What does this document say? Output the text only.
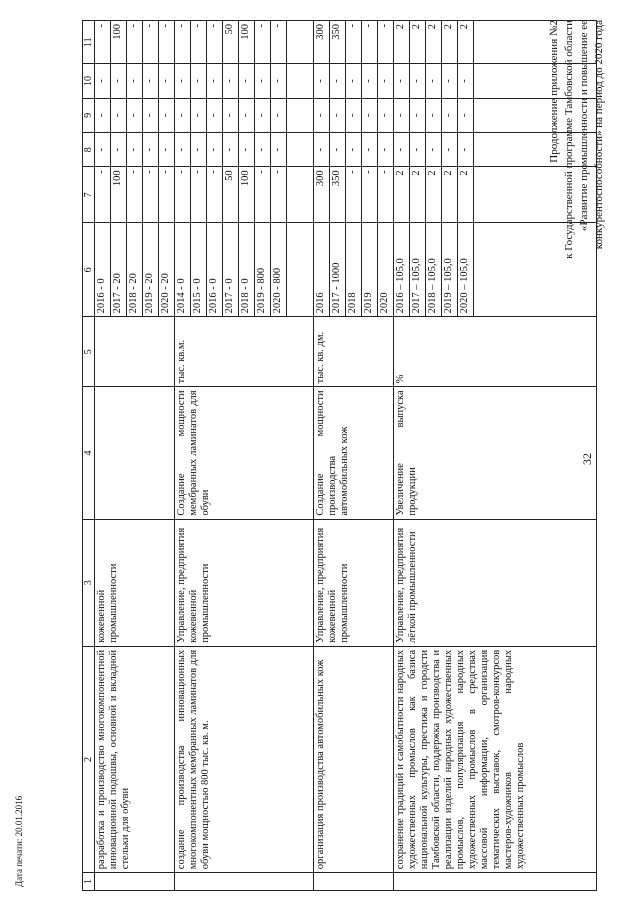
32
Продолжение приложения №2 к Государственной программе Тамбовской области «Развитие промышленности и повышение ее конкурентоспособности» на период до 2020 года
1	2	3	4	5	6	7	8	9	10	11
	разработка и производство многокомпонентной инновационной подошвы, основной и вкладной стельки для обуви	кожевенной промышленности			2016 - 0	-	-	-	-	-
					2017 - 20	100	-	-	-	100
					2018 - 20	-	-	-	-	-
					2019 - 20	-	-	-	-	-
					2020 - 20	-	-	-	-	-
	создание производства инновационных многокомпонентных мембранных ламинатов для обуви мощностью 800 тыс. кв. м.	Управление, предприятия кожевенной промышленности	Создание мощности мембранных ламинатов для обуви	тыс. кв.м.	2014 - 0	-	-	-	-	-
					2015 - 0	-	-	-	-	-
					2016 - 0	-	-	-	-	-
					2017 - 0	50	-	-	-	50
					2018 - 0	100	-	-	-	100
					2019 - 800	-	-	-	-	-
					2020 - 800	-	-	-	-	-

	организация производства автомобильных кож	Управление, предприятия кожевенной промышленности	Создание мощности производства автомобильных кож	тыс. кв. дм.	2016	300	-	-	-	300
					2017 - 1000	350	-	-	-	350
					2018	-	-	-	-	-
					2019	-	-	-	-	-
					2020	-	-	-	-	-
	сохранение традиций и самобытности народных художественных промыслов как базиса национальной культуры, престижа и городсти Тамбовской области, поддержка производства и реализации изделий народных художественных промыслов, популяризация народных художественных промыслов в средствах массовой информации, организация тематических выставок, смотров-конкурсов мастеров-художников народных художественных промыслов	Управление, предприятия лёгкой промышленности	Увеличение выпуска продукции	%	2016 – 105,0	2	-	-	-	2
					2017 – 105,0	2	-	-	-	2
					2018 – 105,0	2	-	-	-	2
					2019 – 105,0	2	-	-	-	2
					2020 – 105,0	2	-	-	-	2

Дата печати: 20.01.2016
